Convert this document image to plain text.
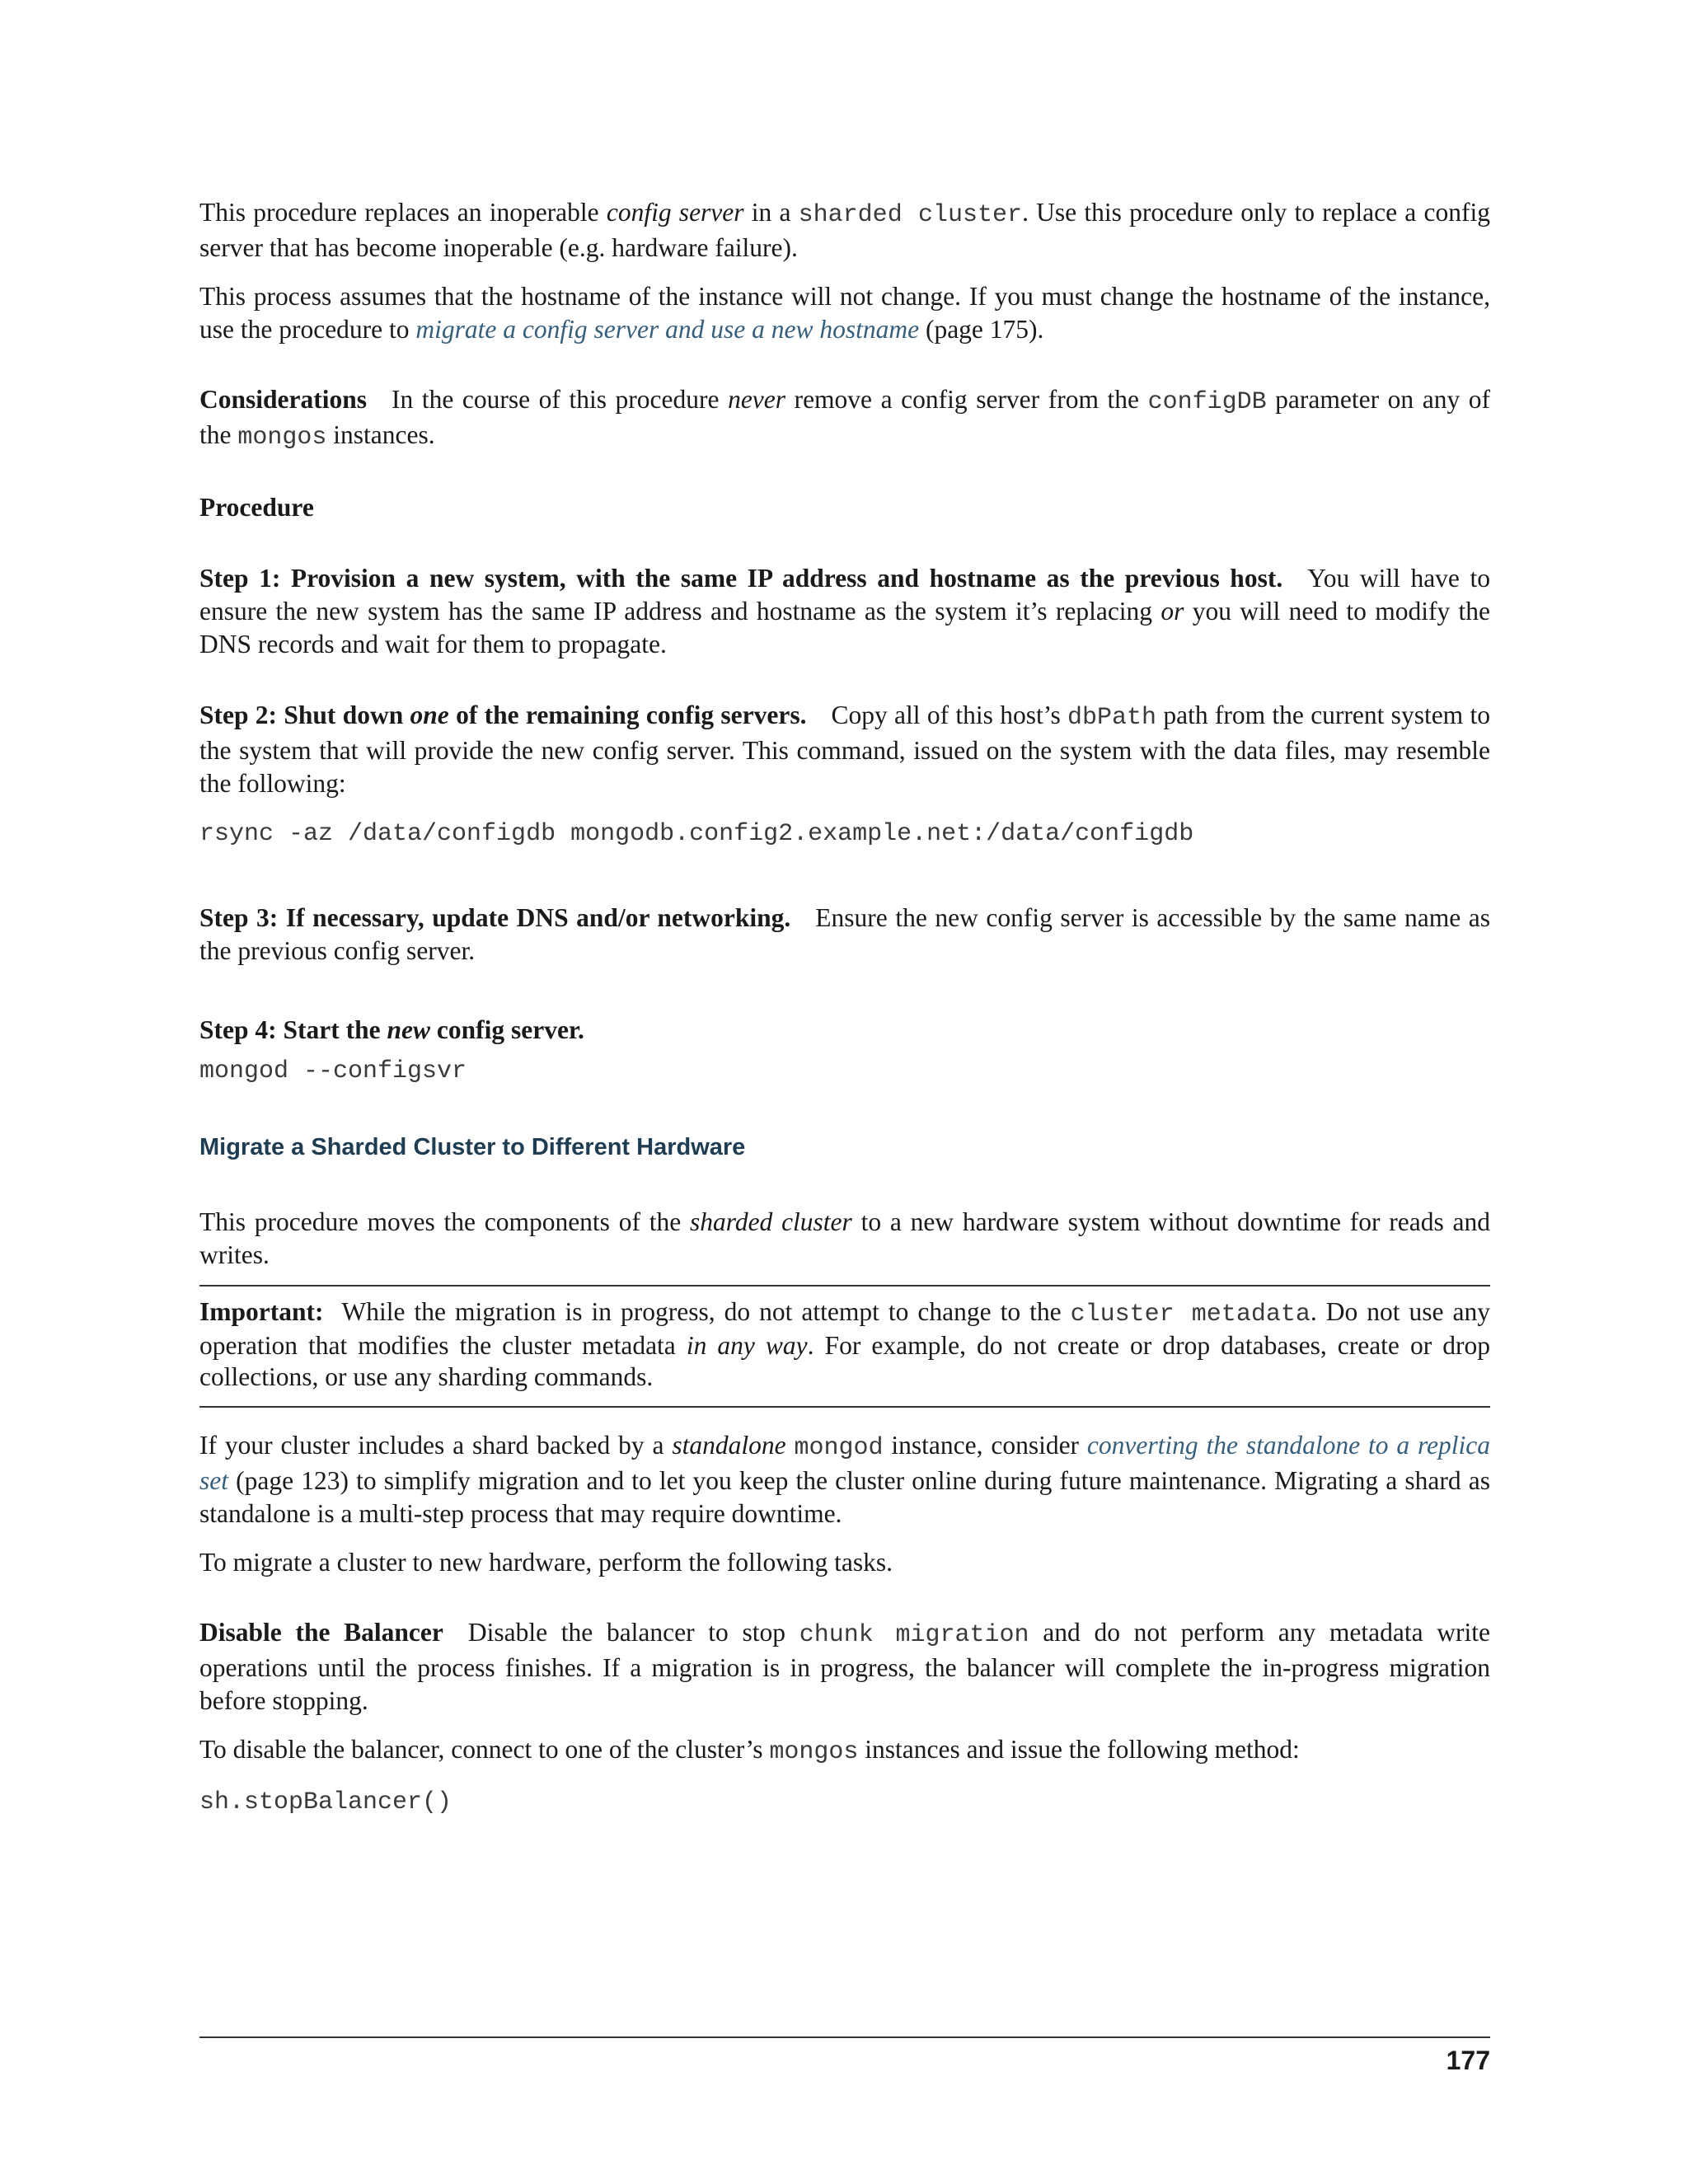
This procedure replaces an inoperable config server in a sharded cluster. Use this procedure only to replace a config server that has become inoperable (e.g. hardware failure).

This process assumes that the hostname of the instance will not change. If you must change the hostname of the instance, use the procedure to migrate a config server and use a new hostname (page 175).

Considerations In the course of this procedure never remove a config server from the configDB parameter on any of the mongos instances.

Procedure

Step 1: Provision a new system, with the same IP address and hostname as the previous host. You will have to ensure the new system has the same IP address and hostname as the system it’s replacing or you will need to modify the DNS records and wait for them to propagate.

Step 2: Shut down one of the remaining config servers. Copy all of this host’s dbPath path from the current system to the system that will provide the new config server. This command, issued on the system with the data files, may resemble the following:

rsync -az /data/configdb mongodb.config2.example.net:/data/configdb

Step 3: If necessary, update DNS and/or networking. Ensure the new config server is accessible by the same name as the previous config server.

Step 4: Start the new config server.

mongod --configsvr

Migrate a Sharded Cluster to Different Hardware

This procedure moves the components of the sharded cluster to a new hardware system without downtime for reads and writes.

Important: While the migration is in progress, do not attempt to change to the cluster metadata. Do not use any operation that modifies the cluster metadata in any way. For example, do not create or drop databases, create or drop collections, or use any sharding commands.

If your cluster includes a shard backed by a standalone mongod instance, consider converting the standalone to a replica set (page 123) to simplify migration and to let you keep the cluster online during future maintenance. Migrating a shard as standalone is a multi-step process that may require downtime.

To migrate a cluster to new hardware, perform the following tasks.

Disable the Balancer Disable the balancer to stop chunk migration and do not perform any metadata write operations until the process finishes. If a migration is in progress, the balancer will complete the in-progress migration before stopping.

To disable the balancer, connect to one of the cluster’s mongos instances and issue the following method:

sh.stopBalancer()
177
